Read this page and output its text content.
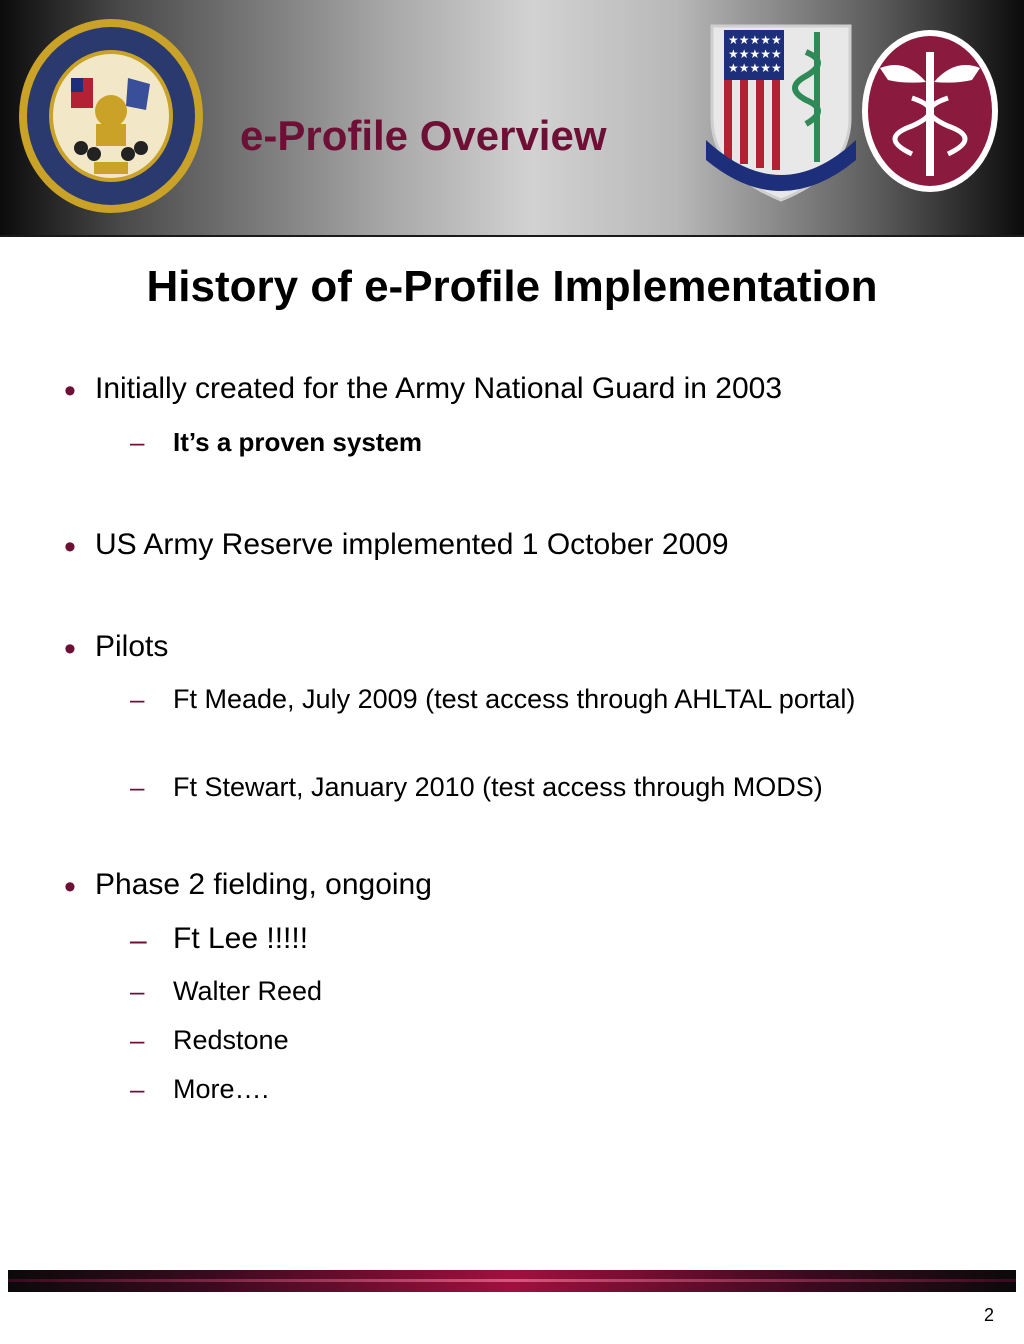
e-Profile Overview
★★★★★
★★★★★
★★★★★
History of e-Profile Implementation
• Initially created for the Army National Guard in 2003
– It’s a proven system
• US Army Reserve implemented 1 October 2009
• Pilots
– Ft Meade, July 2009 (test access through AHLTAL portal)
– Ft Stewart, January 2010 (test access through MODS)
• Phase 2 fielding, ongoing
– Ft Lee !!!!!
– Walter Reed
– Redstone
– More….
2
